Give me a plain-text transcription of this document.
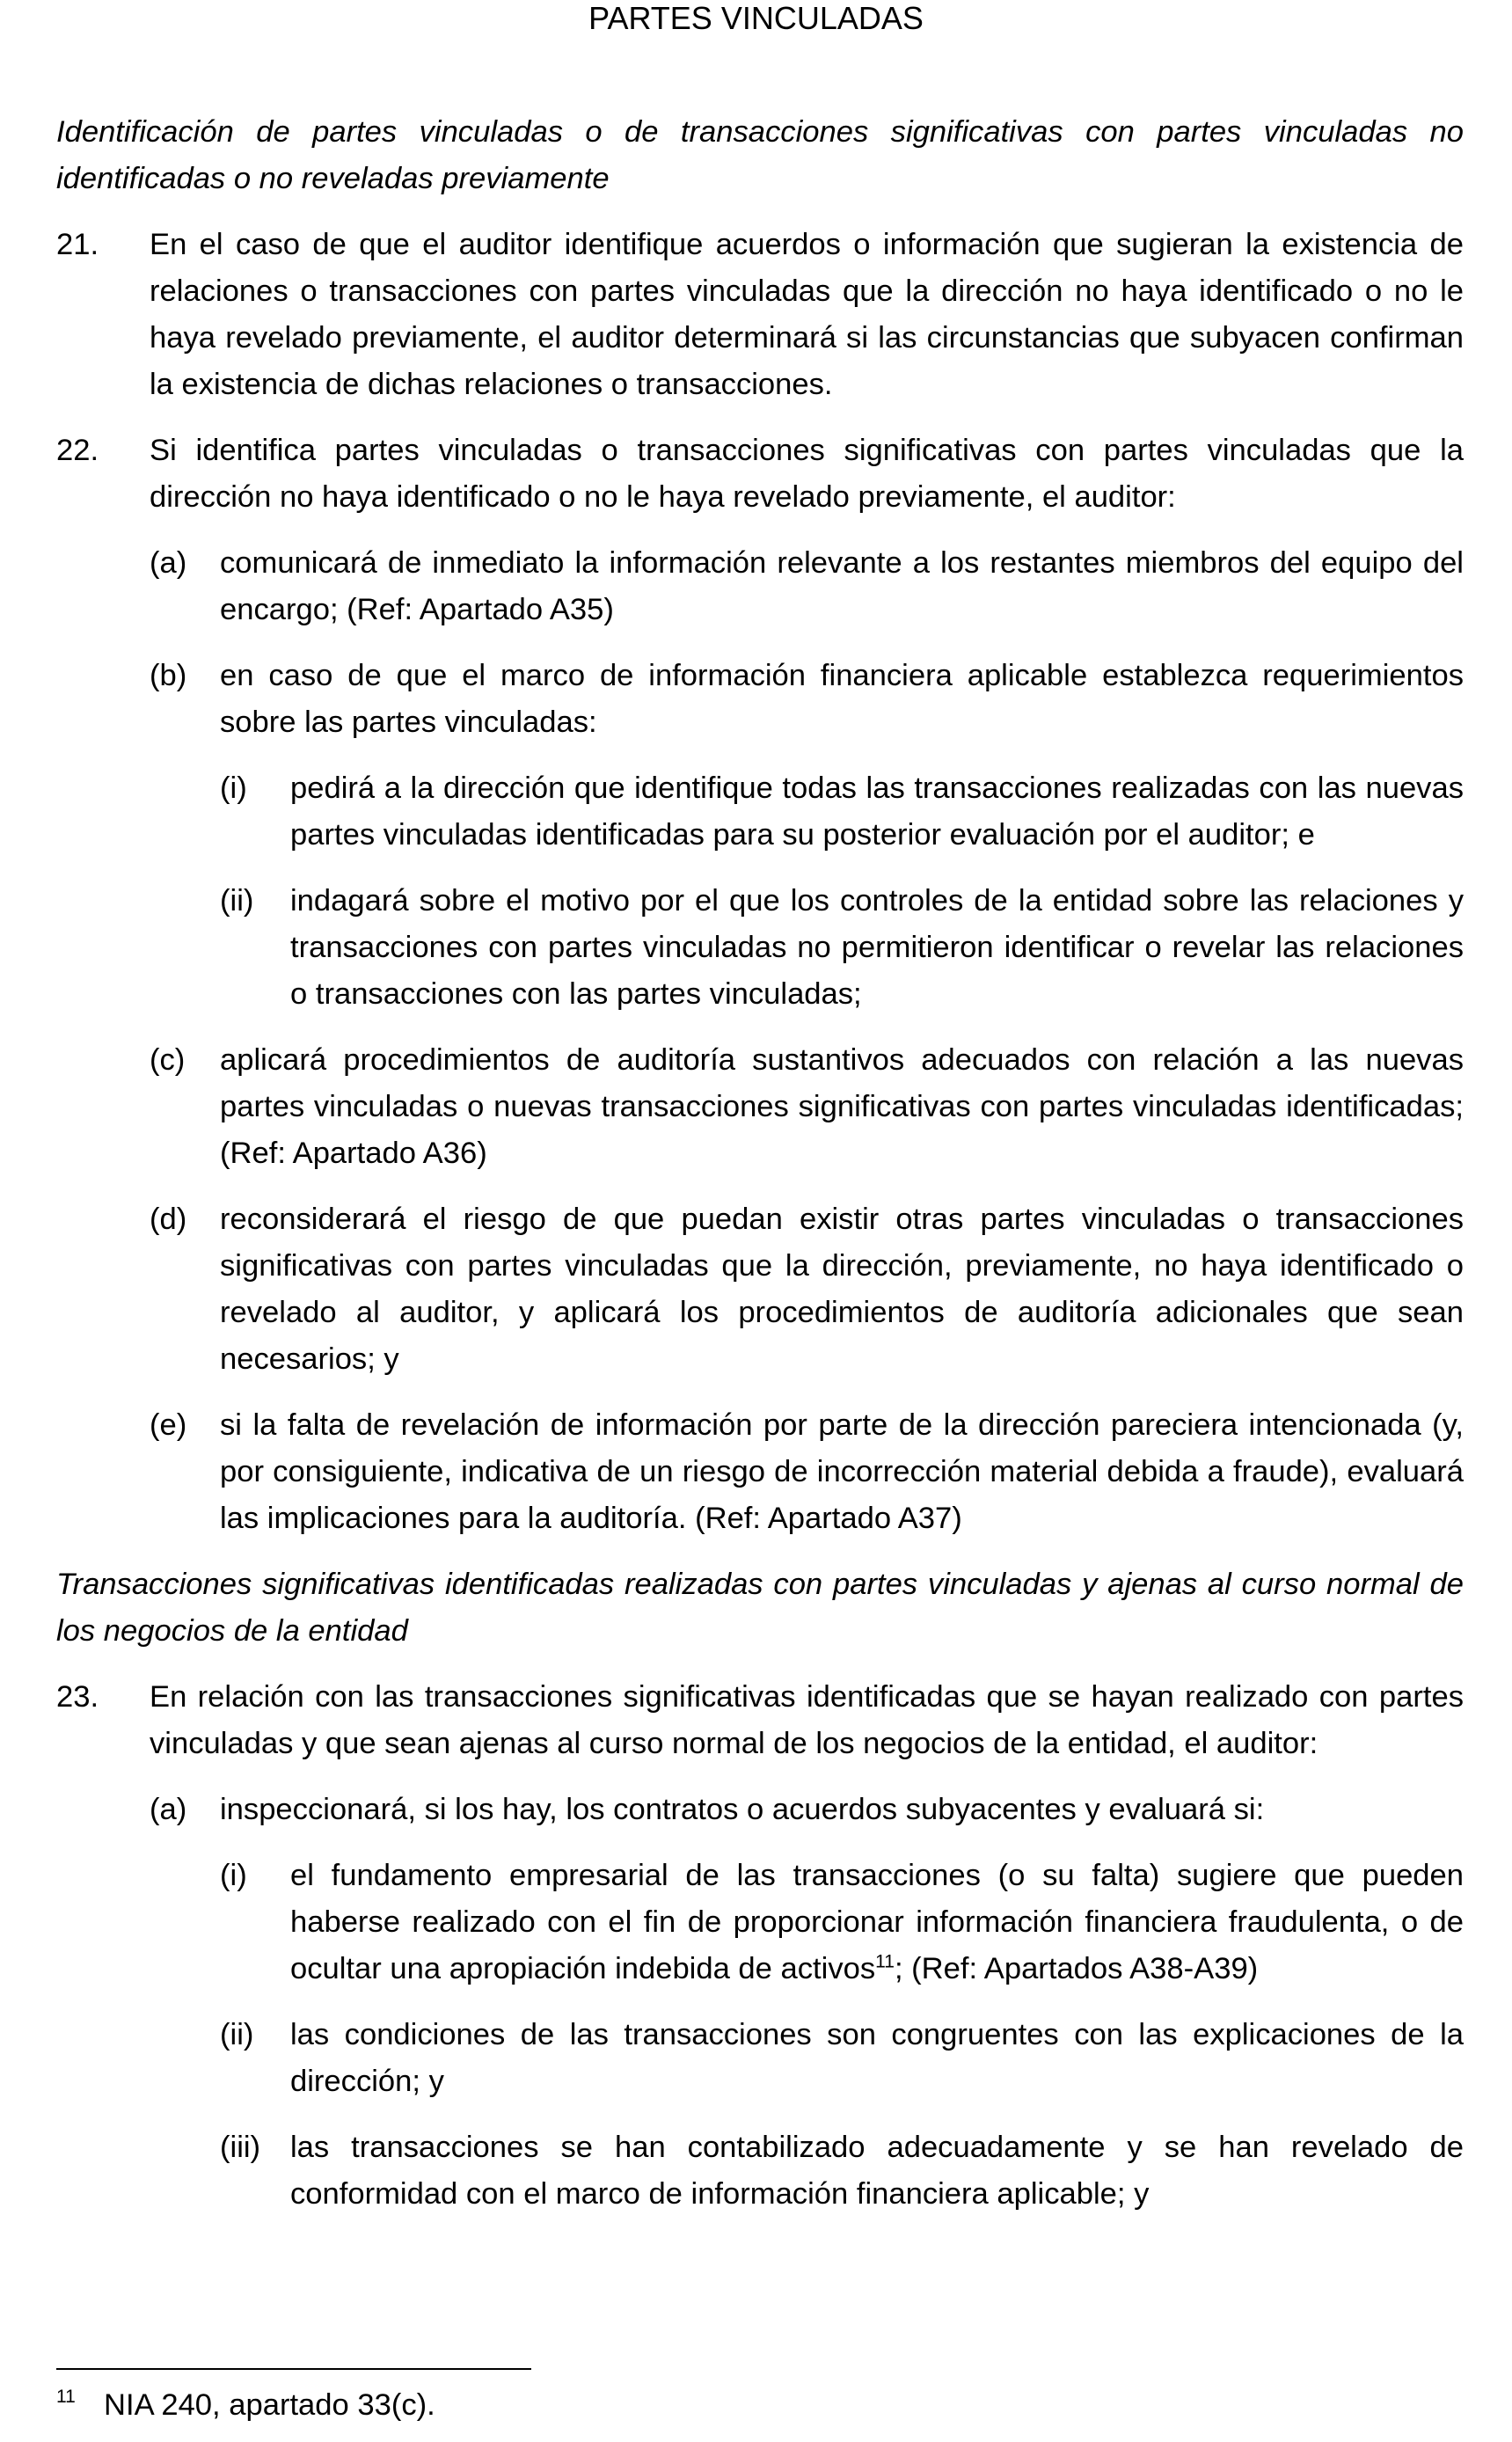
PARTES VINCULADAS
Identificación de partes vinculadas o de transacciones significativas con partes vinculadas no identificadas o no reveladas previamente
21.	En el caso de que el auditor identifique acuerdos o información que sugieran la existencia de relaciones o transacciones con partes vinculadas que la dirección no haya identificado o no le haya revelado previamente, el auditor determinará si las circunstancias que subyacen confirman la existencia de dichas relaciones o transacciones.

22.	Si identifica partes vinculadas o transacciones significativas con partes vinculadas que la dirección no haya identificado o no le haya revelado previamente, el auditor:

(a)	comunicará de inmediato la información relevante a los restantes miembros del equipo del encargo; (Ref: Apartado A35)
(b)	en caso de que el marco de información financiera aplicable establezca requerimientos sobre las partes vinculadas:
(i)	pedirá a la dirección que identifique todas las transacciones realizadas con las nuevas partes vinculadas identificadas para su posterior evaluación por el auditor; e
(ii)	indagará sobre el motivo por el que los controles de la entidad sobre las relaciones y transacciones con partes vinculadas no permitieron identificar o revelar las relaciones o transacciones con las partes vinculadas;
(c)	aplicará procedimientos de auditoría sustantivos adecuados con relación a las nuevas partes vinculadas o nuevas transacciones significativas con partes vinculadas identificadas; (Ref: Apartado A36)
(d)	reconsiderará el riesgo de que puedan existir otras partes vinculadas o transacciones significativas con partes vinculadas que la dirección, previamente, no haya identificado o revelado al auditor, y aplicará los procedimientos de auditoría adicionales que sean necesarios; y
(e)	si la falta de revelación de información por parte de la dirección pareciera intencionada (y, por consiguiente, indicativa de un riesgo de incorrección material debida a fraude), evaluará las implicaciones para la auditoría. (Ref: Apartado A37)
Transacciones significativas identificadas realizadas con partes vinculadas y ajenas al curso normal de los negocios de la entidad
23.	En relación con las transacciones significativas identificadas que se hayan realizado con partes vinculadas y que sean ajenas al curso normal de los negocios de la entidad, el auditor:

(a)	inspeccionará, si los hay, los contratos o acuerdos subyacentes y evaluará si:
(i)	el fundamento empresarial de las transacciones (o su falta) sugiere que pueden haberse realizado con el fin de proporcionar información financiera fraudulenta, o de ocultar una apropiación indebida de activos$^{11}$; (Ref: Apartados A38-A39)
(ii)	las condiciones de las transacciones son congruentes con las explicaciones de la dirección; y
(iii) las transacciones se han contabilizado adecuadamente y se han revelado de conformidad con el marco de información financiera aplicable; y
11 NIA 240, apartado 33(c).
